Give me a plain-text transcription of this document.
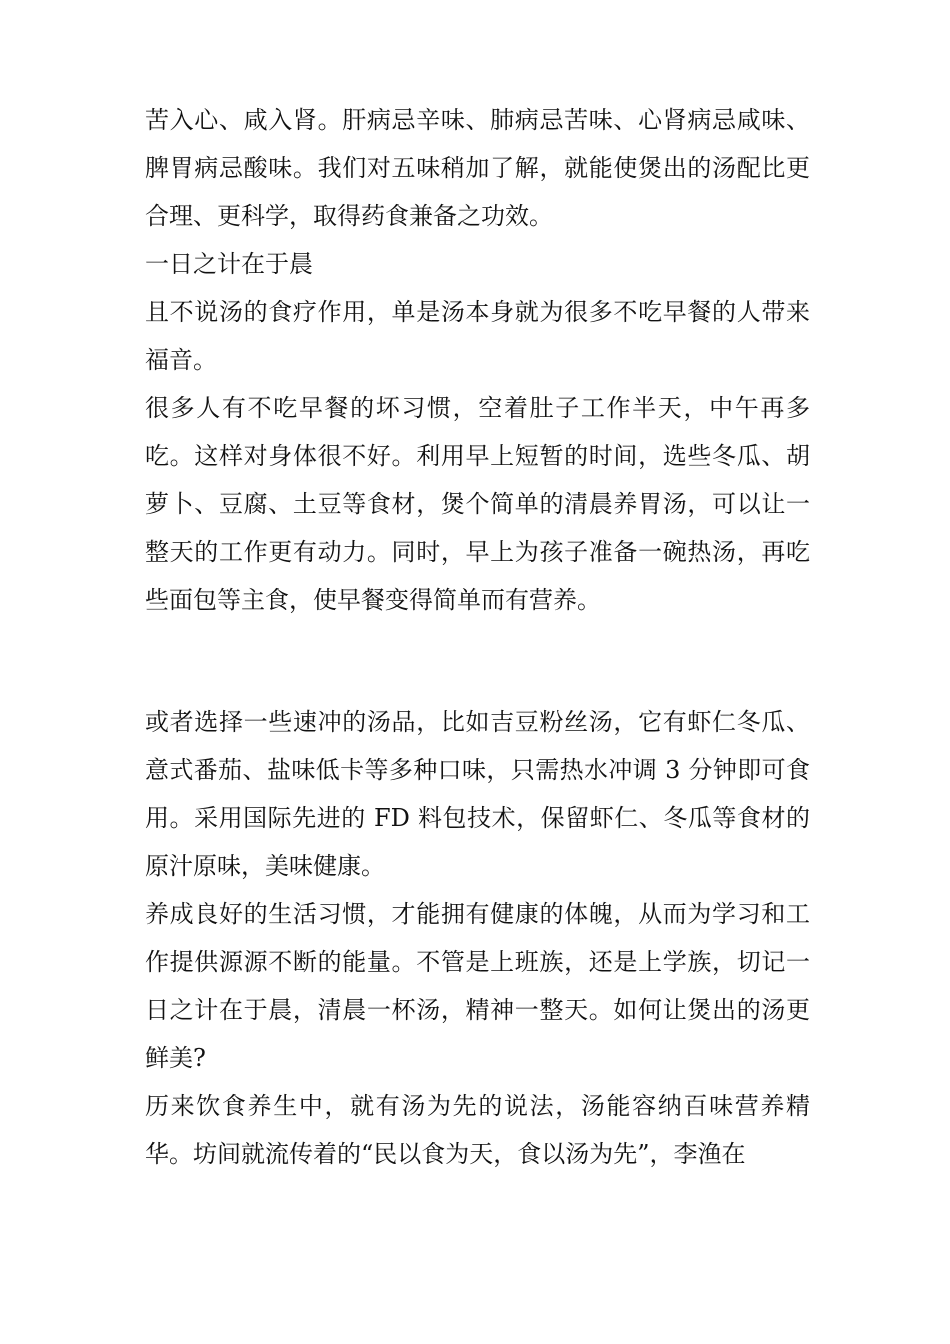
苦入心、咸入肾。肝病忌辛味、肺病忌苦味、心肾病忌咸味、脾胃病忌酸味。我们对五味稍加了解，就能使煲出的汤配比更合理、更科学，取得药食兼备之功效。

一日之计在于晨

且不说汤的食疗作用，单是汤本身就为很多不吃早餐的人带来福音。

很多人有不吃早餐的坏习惯，空着肚子工作半天，中午再多吃。这样对身体很不好。利用早上短暂的时间，选些冬瓜、胡萝卜、豆腐、土豆等食材，煲个简单的清晨养胃汤，可以让一整天的工作更有动力。同时，早上为孩子准备一碗热汤，再吃些面包等主食，使早餐变得简单而有营养。

或者选择一些速冲的汤品，比如吉豆粉丝汤，它有虾仁冬瓜、意式番茄、盐味低卡等多种口味，只需热水冲调 3 分钟即可食用。采用国际先进的 FD 料包技术，保留虾仁、冬瓜等食材的原汁原味，美味健康。

养成良好的生活习惯，才能拥有健康的体魄，从而为学习和工作提供源源不断的能量。不管是上班族，还是上学族，切记一日之计在于晨，清晨一杯汤，精神一整天。如何让煲出的汤更鲜美?

历来饮食养生中，就有汤为先的说法，汤能容纳百味营养精华。坊间就流传着的“民以食为天，食以汤为先”，李渔在
